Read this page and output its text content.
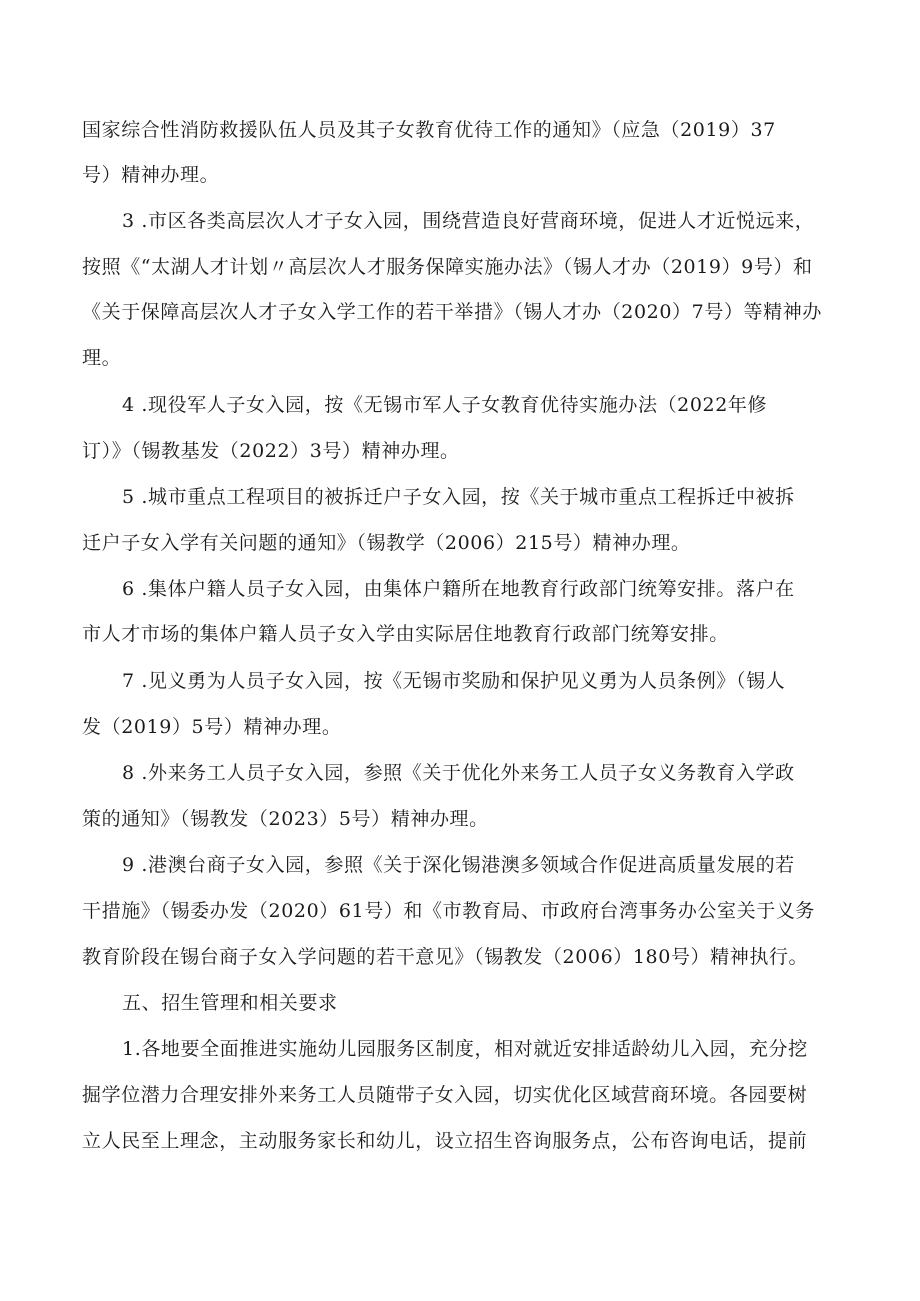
国家综合性消防救援队伍人员及其子女教育优待工作的通知》（应急（2019）37
号）精神办理。
3 .市区各类高层次人才子女入园，围绕营造良好营商环境，促进人才近悦远来，
按照《“太湖人才计划〃高层次人才服务保障实施办法》（锡人才办（2019）9号）和
《关于保障高层次人才子女入学工作的若干举措》（锡人才办（2020）7号）等精神办
理。
4 .现役军人子女入园，按《无锡市军人子女教育优待实施办法（2022年修
订）》（锡教基发（2022）3号）精神办理。
5 .城市重点工程项目的被拆迁户子女入园，按《关于城市重点工程拆迁中被拆
迁户子女入学有关问题的通知》（锡教学（2006）215号）精神办理。
6 .集体户籍人员子女入园，由集体户籍所在地教育行政部门统筹安排。落户在
市人才市场的集体户籍人员子女入学由实际居住地教育行政部门统筹安排。
7 .见义勇为人员子女入园，按《无锡市奖励和保护见义勇为人员条例》（锡人
发（2019）5号）精神办理。
8 .外来务工人员子女入园，参照《关于优化外来务工人员子女义务教育入学政
策的通知》（锡教发（2023）5号）精神办理。
9 .港澳台商子女入园，参照《关于深化锡港澳多领域合作促进高质量发展的若
干措施》（锡委办发（2020）61号）和《市教育局、市政府台湾事务办公室关于义务
教育阶段在锡台商子女入学问题的若干意见》（锡教发（2006）180号）精神执行。
五、招生管理和相关要求
1.各地要全面推进实施幼儿园服务区制度，相对就近安排适龄幼儿入园，充分挖
掘学位潜力合理安排外来务工人员随带子女入园，切实优化区域营商环境。各园要树
立人民至上理念，主动服务家长和幼儿，设立招生咨询服务点，公布咨询电话，提前
